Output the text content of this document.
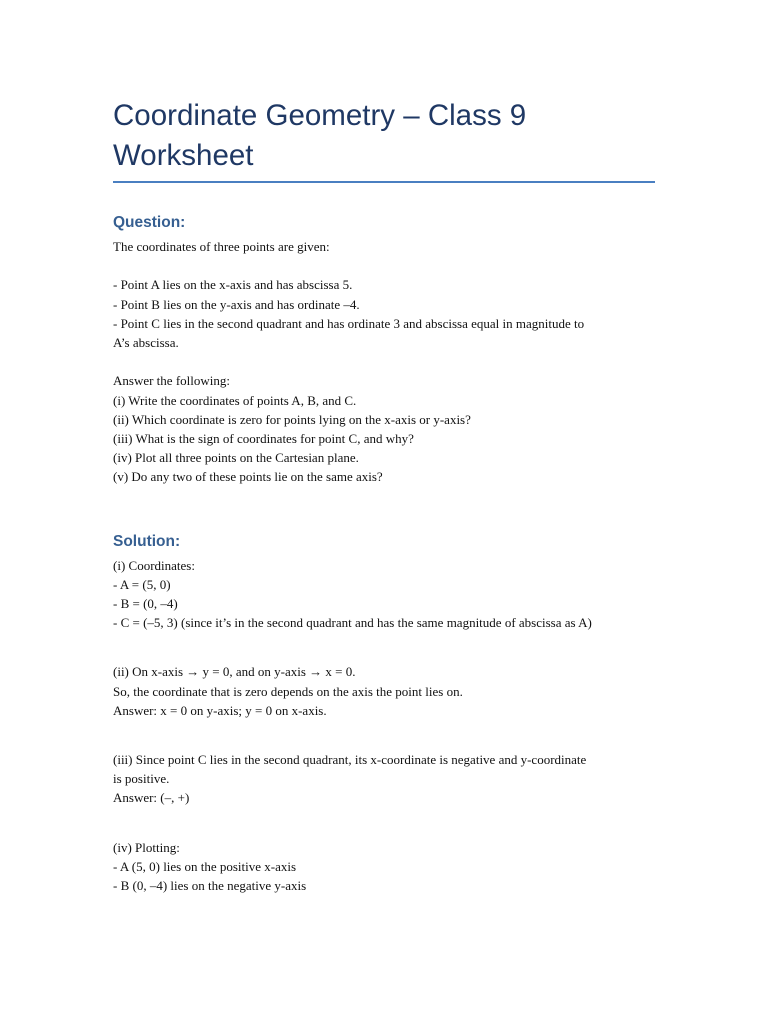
Coordinate Geometry – Class 9
Worksheet
Question:

The coordinates of three points are given:

- Point A lies on the x-axis and has abscissa 5.

- Point B lies on the y-axis and has ordinate –4.

- Point C lies in the second quadrant and has ordinate 3 and abscissa equal in magnitude to

A’s abscissa.

Answer the following:

(i) Write the coordinates of points A, B, and C.

(ii) Which coordinate is zero for points lying on the x-axis or y-axis?

(iii) What is the sign of coordinates for point C, and why?

(iv) Plot all three points on the Cartesian plane.

(v) Do any two of these points lie on the same axis?

Solution:

(i) Coordinates:

- A = (5, 0)

- B = (0, –4)

- C = (–5, 3) (since it’s in the second quadrant and has the same magnitude of abscissa as A)

(ii) On x-axis → y = 0, and on y-axis → x = 0.

So, the coordinate that is zero depends on the axis the point lies on.

Answer: x = 0 on y-axis; y = 0 on x-axis.

(iii) Since point C lies in the second quadrant, its x-coordinate is negative and y-coordinate

is positive.

Answer: (–, +)

(iv) Plotting:

- A (5, 0) lies on the positive x-axis

- B (0, –4) lies on the negative y-axis
